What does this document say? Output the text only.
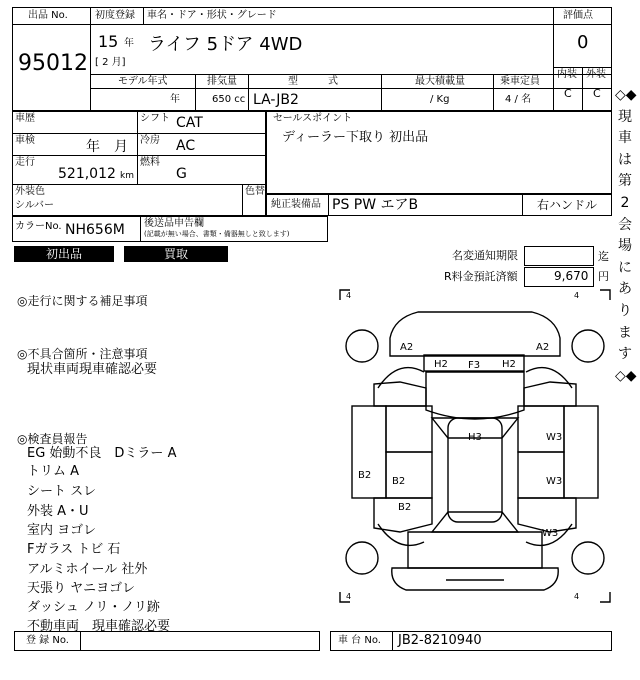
出品 No.
95012
初度登録 車名・ドア・形状・グレード
15 年
[ 2 月]
ライフ 5ドア 4WD
評価点
0
モデル年式	排気量	型　　　式	最大積載量	乗車定員
内装 外装
年	650 cc LA-JB2	/ Kg	4 / 名	C C
車歴	シフト CAT
車検	年　月 冷房 AC
走行
521,012 km
燃料
G
外装色
シルバー
色替
セールスポイント
ディーラー下取り 初出品
純正装備品 PS PW エアB	右ハンドル
カラーNo. NH656M 後送品申告欄
(記載が無い場合、書類・備器無しと致します)
初出品	買取	名変通知期限	迄
R料金預託済額	9,670 円
◎走行に関する補足事項
◎不具合箇所・注意事項
現状車両現車確認必要
◎検査員報告
EG 始動不良　Dミラー A
トリム A
シート スレ
外装 A・U
室内 ヨゴレ
Fガラス トビ 石
アルミホイール 社外
天張り ヤニヨゴレ
ダッシュ ノリ・ノリ跡
不動車両　現車確認必要
4	4
4	4
A2	A2
H2	H2
F3
H3	W3
W3
B2
B2
B2
W3
登 録 No.	車 台 No. JB2-8210940
◇◆現車は第2会場にあります◇◆
